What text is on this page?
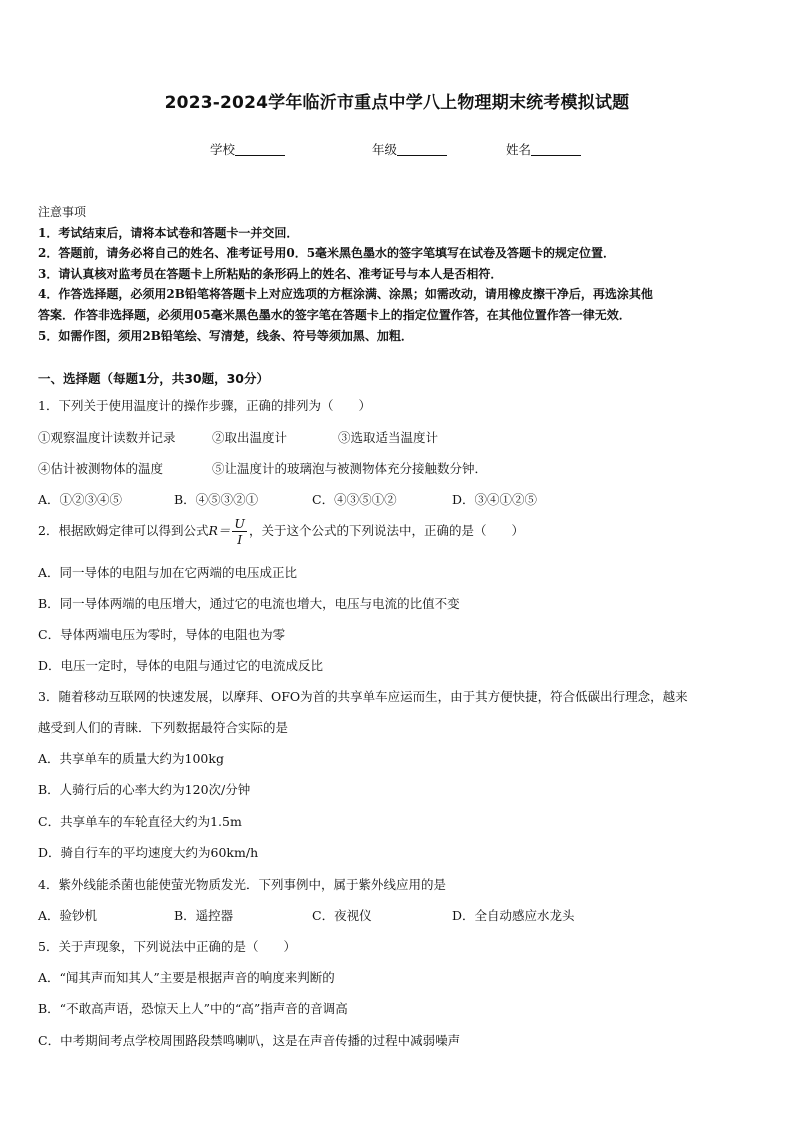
2023-2024学年临沂市重点中学八上物理期末统考模拟试题
学校	年级	姓名
注意事项
1．考试结束后，请将本试卷和答题卡一并交回．
2．答题前，请务必将自己的姓名、准考证号用0．5毫米黑色墨水的签字笔填写在试卷及答题卡的规定位置．
3．请认真核对监考员在答题卡上所粘贴的条形码上的姓名、准考证号与本人是否相符．
4．作答选择题，必须用2B铅笔将答题卡上对应选项的方框涂满、涂黑；如需改动，请用橡皮擦干净后，再选涂其他
答案．作答非选择题，必须用05毫米黑色墨水的签字笔在答题卡上的指定位置作答，在其他位置作答一律无效．
5．如需作图，须用2B铅笔绘、写清楚，线条、符号等须加黑、加粗．
一、选择题（每题1分，共30题，30分）
1．下列关于使用温度计的操作步骤，正确的排列为（　　）
①观察温度计读数并记录	②取出温度计	③选取适当温度计
④估计被测物体的温度	⑤让温度计的玻璃泡与被测物体充分接触数分钟．
A．①②③④⑤	B．④⑤③②①	C．④③⑤①②	D．③④①②⑤
2．根据欧姆定律可以得到公式$R= \frac{U}{I}$ ，关于这个公式的下列说法中，正确的是（　　）
A．同一导体的电阻与加在它两端的电压成正比
B．同一导体两端的电压增大，通过它的电流也增大，电压与电流的比值不变
C．导体两端电压为零时，导体的电阻也为零
D．电压一定时，导体的电阻与通过它的电流成反比
3．随着移动互联网的快速发展，以摩拜、OFO为首的共享单车应运而生，由于其方便快捷，符合低碳出行理念，越来
越受到人们的青睐．下列数据最符合实际的是
A．共享单车的质量大约为100kg
B．人骑行后的心率大约为120次/分钟
C．共享单车的车轮直径大约为1.5m
D．骑自行车的平均速度大约为60km/h
4．紫外线能杀菌也能使萤光物质发光．下列事例中，属于紫外线应用的是
A．验钞机	B．遥控器	C．夜视仪	D．全自动感应水龙头
5．关于声现象，下列说法中正确的是（　　）
A．“闻其声而知其人”主要是根据声音的响度来判断的
B．“不敢高声语，恐惊天上人”中的“高”指声音的音调高
C．中考期间考点学校周围路段禁鸣喇叭，这是在声音传播的过程中减弱噪声
